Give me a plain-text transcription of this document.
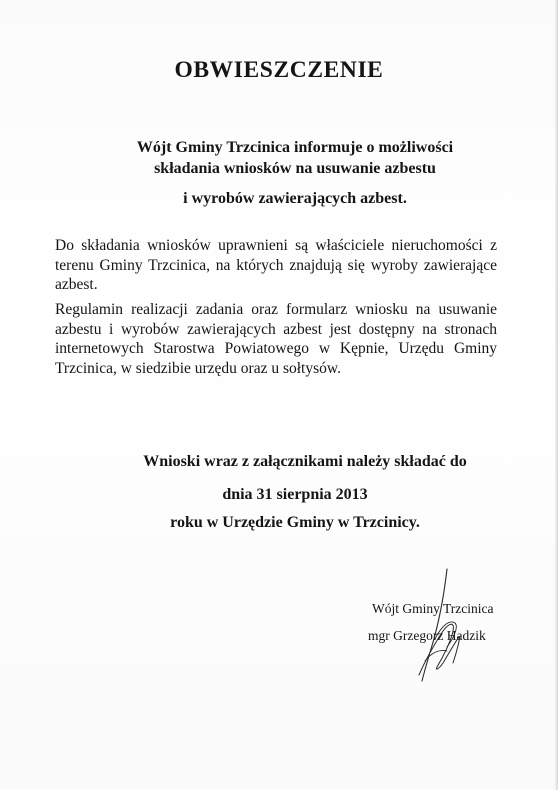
OBWIESZCZENIE
Wójt Gminy Trzcinica informuje o możliwości
składania wniosków na usuwanie azbestu
i wyrobów zawierających azbest.

Do składania wniosków uprawnieni są właściciele nieruchomości z terenu Gminy Trzcinica, na których znajdują się wyroby zawierające azbest.

Regulamin realizacji zadania oraz formularz wniosku na usuwanie azbestu i wyrobów zawierających azbest jest dostępny na stronach internetowych Starostwa Powiatowego w Kępnie, Urzędu Gminy Trzcinica, w siedzibie urzędu oraz u sołtysów.

Wnioski wraz z załącznikami należy składać do
dnia 31 sierpnia 2013
roku w Urzędzie Gminy w Trzcinicy.
Wójt Gminy Trzcinica
mgr Grzegorz Hadzik
